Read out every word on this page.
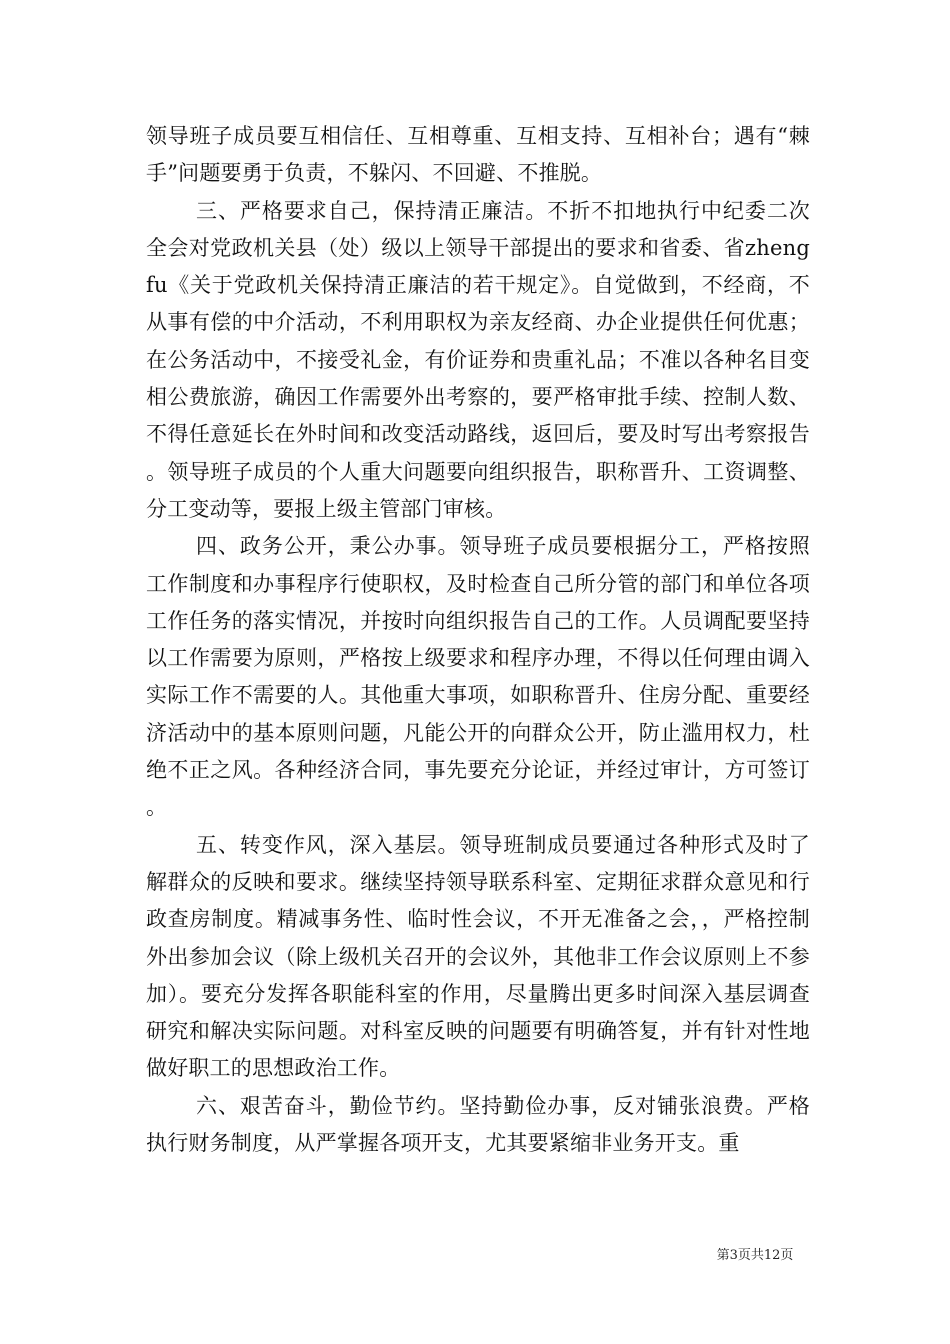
领导班子成员要互相信任、互相尊重、互相支持、互相补台；遇有“棘手”问题要勇于负责，不躲闪、不回避、不推脱。

三、严格要求自己，保持清正廉洁。不折不扣地执行中纪委二次全会对党政机关县（处）级以上领导干部提出的要求和省委、省zhengfu《关于党政机关保持清正廉洁的若干规定》。自觉做到，不经商，不从事有偿的中介活动，不利用职权为亲友经商、办企业提供任何优惠；在公务活动中，不接受礼金，有价证券和贵重礼品；不准以各种名目变相公费旅游，确因工作需要外出考察的，要严格审批手续、控制人数、不得任意延长在外时间和改变活动路线，返回后，要及时写出考察报告。领导班子成员的个人重大问题要向组织报告，职称晋升、工资调整、分工变动等，要报上级主管部门审核。

四、政务公开，秉公办事。领导班子成员要根据分工，严格按照工作制度和办事程序行使职权，及时检查自己所分管的部门和单位各项工作任务的落实情况，并按时向组织报告自己的工作。人员调配要坚持以工作需要为原则，严格按上级要求和程序办理，不得以任何理由调入实际工作不需要的人。其他重大事项，如职称晋升、住房分配、重要经济活动中的基本原则问题，凡能公开的向群众公开，防止滥用权力，杜绝不正之风。各种经济合同，事先要充分论证，并经过审计，方可签订。

五、转变作风，深入基层。领导班制成员要通过各种形式及时了解群众的反映和要求。继续坚持领导联系科室、定期征求群众意见和行政查房制度。精减事务性、临时性会议，不开无准备之会，，严格控制外出参加会议（除上级机关召开的会议外，其他非工作会议原则上不参加）。要充分发挥各职能科室的作用，尽量腾出更多时间深入基层调查研究和解决实际问题。对科室反映的问题要有明确答复，并有针对性地做好职工的思想政治工作。

六、艰苦奋斗，勤俭节约。坚持勤俭办事，反对铺张浪费。严格执行财务制度，从严掌握各项开支，尤其要紧缩非业务开支。重

第3页共12页
